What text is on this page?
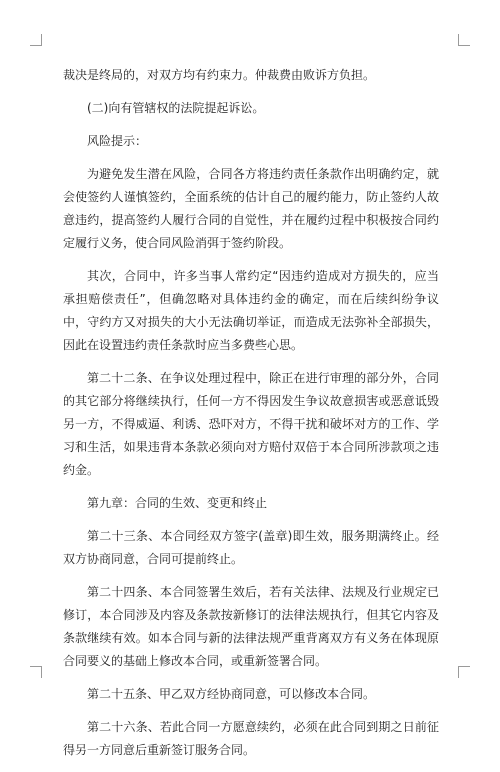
裁决是终局的，对双方均有约束力。仲裁费由败诉方负担。

(二)向有管辖权的法院提起诉讼。

风险提示：

为避免发生潜在风险，合同各方将违约责任条款作出明确约定，就会使签约人谨慎签约，全面系统的估计自己的履约能力，防止签约人故意违约，提高签约人履行合同的自觉性，并在履约过程中积极按合同约定履行义务，使合同风险消弭于签约阶段。

其次，合同中，许多当事人常约定“因违约造成对方损失的，应当承担赔偿责任”，但确忽略对具体违约金的确定，而在后续纠纷争议中，守约方又对损失的大小无法确切举证，而造成无法弥补全部损失，因此在设置违约责任条款时应当多费些心思。

第二十二条、在争议处理过程中，除正在进行审理的部分外，合同的其它部分将继续执行，任何一方不得因发生争议故意损害或恶意诋毁另一方，不得威逼、利诱、恐吓对方，不得干扰和破坏对方的工作、学习和生活，如果违背本条款必须向对方赔付双倍于本合同所涉款项之违约金。

第九章：合同的生效、变更和终止

第二十三条、本合同经双方签字(盖章)即生效，服务期满终止。经双方协商同意，合同可提前终止。

第二十四条、本合同签署生效后，若有关法律、法规及行业规定已修订，本合同涉及内容及条款按新修订的法律法规执行，但其它内容及条款继续有效。如本合同与新的法律法规严重背离双方有义务在体现原合同要义的基础上修改本合同，或重新签署合同。

第二十五条、甲乙双方经协商同意，可以修改本合同。

第二十六条、若此合同一方愿意续约，必须在此合同到期之日前征得另一方同意后重新签订服务合同。
